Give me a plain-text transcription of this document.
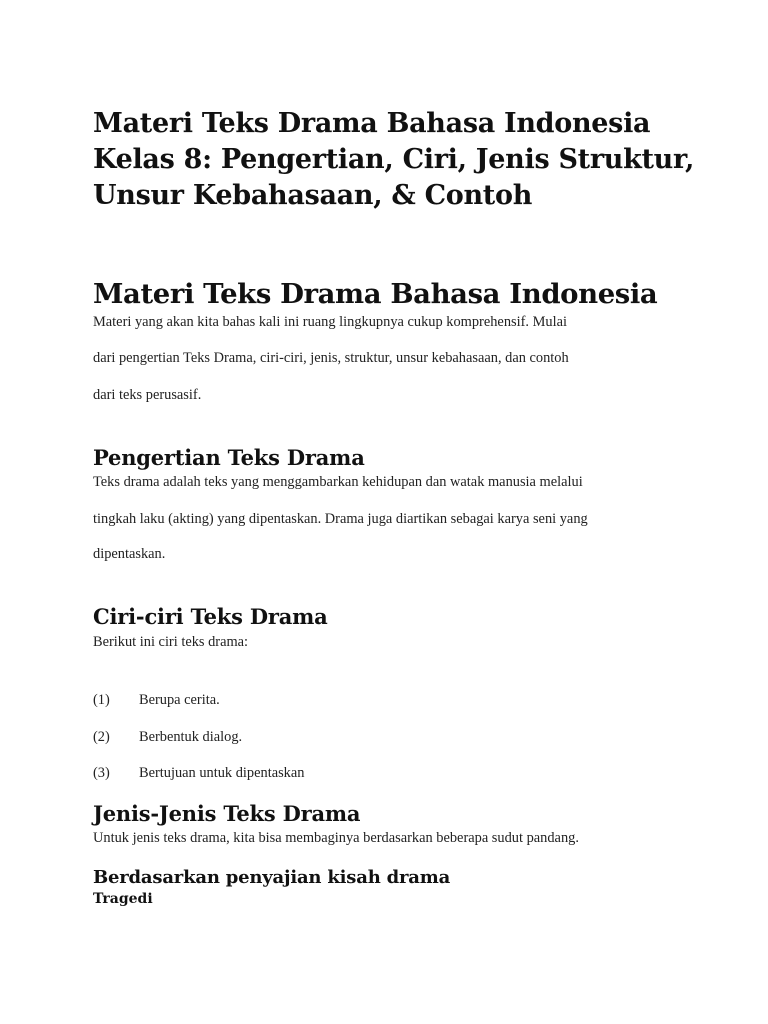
Materi Teks Drama Bahasa Indonesia Kelas 8: Pengertian, Ciri, Jenis Struktur, Unsur Kebahasaan, & Contoh
Materi Teks Drama Bahasa Indonesia

Materi yang akan kita bahas kali ini ruang lingkupnya cukup komprehensif. Mulai

dari pengertian Teks Drama, ciri-ciri, jenis, struktur, unsur kebahasaan, dan contoh

dari teks perusasif.

Pengertian Teks Drama

Teks drama adalah teks yang menggambarkan kehidupan dan watak manusia melalui

tingkah laku (akting) yang dipentaskan. Drama juga diartikan sebagai karya seni yang

dipentaskan.

Ciri-ciri Teks Drama

Berikut ini ciri teks drama:

(1) Berupa cerita.
(2) Berbentuk dialog.
(3) Bertujuan untuk dipentaskan
Jenis-Jenis Teks Drama

Untuk jenis teks drama, kita bisa membaginya berdasarkan beberapa sudut pandang.

Berdasarkan penyajian kisah drama
Tragedi
